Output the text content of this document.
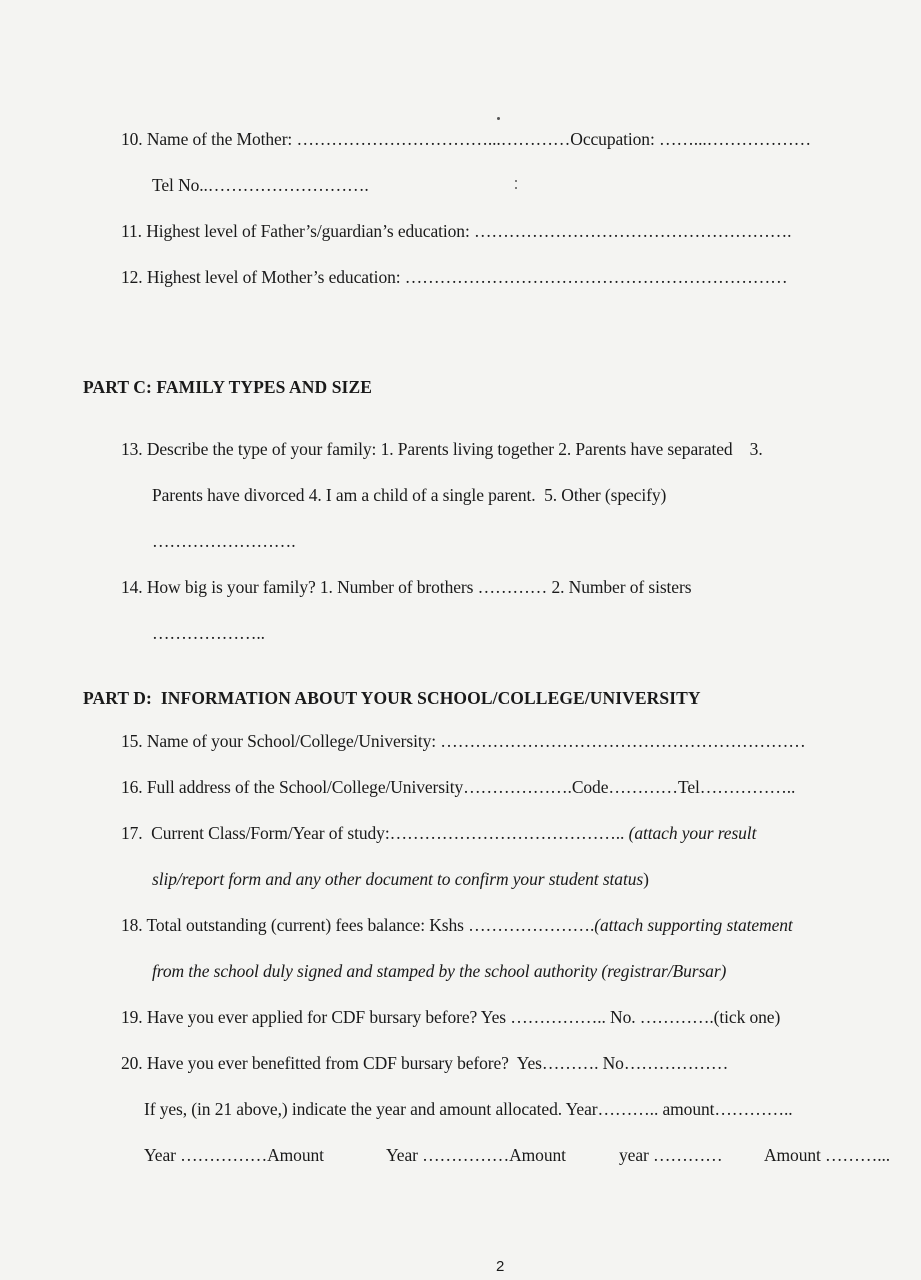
10. Name of the Mother: ……………………………...…………Occupation: ……...………………
Tel No..……………………….
11. Highest level of Father’s/guardian’s education: ……………………………………………….
12. Highest level of Mother’s education: …………………………………………………………
PART C: FAMILY TYPES AND SIZE
13. Describe the type of your family: 1. Parents living together 2. Parents have separated    3.
Parents have divorced 4. I am a child of a single parent.  5. Other (specify)
…………………….
14. How big is your family? 1. Number of brothers ………… 2. Number of sisters
………………..
PART D:  INFORMATION ABOUT YOUR SCHOOL/COLLEGE/UNIVERSITY
15. Name of your School/College/University: ………………………………………………………
16. Full address of the School/College/University……………….Code…………Tel……………..
17.  Current Class/Form/Year of study:………………………………….. (attach your result
slip/report form and any other document to confirm your student status)
18. Total outstanding (current) fees balance: Kshs ………………….(attach supporting statement
from the school duly signed and stamped by the school authority (registrar/Bursar)
19. Have you ever applied for CDF bursary before? Yes …………….. No. ………….(tick one)
20. Have you ever benefitted from CDF bursary before?  Yes………. No………………
If yes, (in 21 above,) indicate the year and amount allocated. Year……….. amount…………..
Year ……………Amount	Year ……………Amount	year ………… Amount ………...
2
